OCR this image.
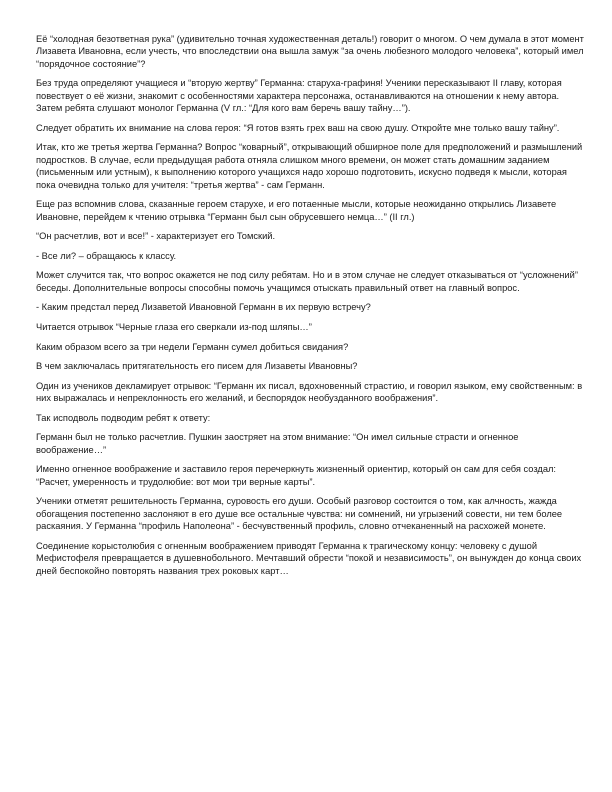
Её “холодная безответная рука” (удивительно точная художественная деталь!) говорит о многом. О чем думала в этот момент Лизавета Ивановна, если учесть, что впоследствии она вышла замуж “за очень любезного молодого человека”, который имел “порядочное состояние”?

Без труда определяют учащиеся и “вторую жертву” Германна: старуха-графиня! Ученики пересказывают II главу, которая повествует о её жизни, знакомит с особенностями характера персонажа, останавливаются на отношении к нему автора. Затем ребята слушают монолог Германна (V гл.: “Для кого вам беречь вашу тайну…”).

Следует обратить их внимание на слова героя: “Я готов взять грех ваш на свою душу. Откройте мне только вашу тайну”.

Итак, кто же третья жертва Германна? Вопрос “коварный”, открывающий обширное поле для предположений и размышлений подростков. В случае, если предыдущая работа отняла слишком много времени, он может стать домашним заданием (письменным или устным), к выполнению которого учащихся надо хорошо подготовить, искусно подведя к мысли, которая пока очевидна только для учителя: “третья жертва” - сам Германн.

Еще раз вспомнив слова, сказанные героем старухе, и его потаенные мысли, которые неожиданно открылись Лизавете Ивановне, перейдем к чтению отрывка “Германн был сын обрусевшего немца…” (II гл.)

“Он расчетлив, вот и все!” - характеризует его Томский.

- Все ли? – обращаюсь к классу.

Может случится так, что вопрос окажется не под силу ребятам. Но и в этом случае не следует отказываться от “усложнений” беседы. Дополнительные вопросы способны помочь учащимся отыскать правильный ответ на главный вопрос.

- Каким предстал перед Лизаветой Ивановной Германн в их первую встречу?

Читается отрывок “Черные глаза его сверкали из-под шляпы…”

Каким образом всего за три недели Германн сумел добиться свидания?

В чем заключалась притягательность его писем для Лизаветы Ивановны?

Один из учеников декламирует отрывок: “Германн их писал, вдохновенный страстию, и говорил языком, ему свойственным: в них выражалась и непреклонность его желаний, и беспорядок необузданного воображения”.

Так исподволь подводим ребят к ответу:

Германн был не только расчетлив. Пушкин заостряет на этом внимание: “Он имел сильные страсти и огненное воображение…”

Именно огненное воображение и заставило героя перечеркнуть жизненный ориентир, который он сам для себя создал: “Расчет, умеренность и трудолюбие: вот мои три верные карты”.

Ученики отметят решительность Германна, суровость его души. Особый разговор состоится о том, как алчность, жажда обогащения постепенно заслоняют в его душе все остальные чувства: ни сомнений, ни угрызений совести, ни тем более раскаяния. У Германна “профиль Наполеона” - бесчувственный профиль, словно отчеканенный на расхожей монете.

Соединение корыстолюбия с огненным воображением приводят Германна к трагическому концу: человеку с душой Мефистофеля превращается в душевнобольного. Мечтавший обрести “покой и независимость”, он вынужден до конца своих дней беспокойно повторять названия трех роковых карт…
